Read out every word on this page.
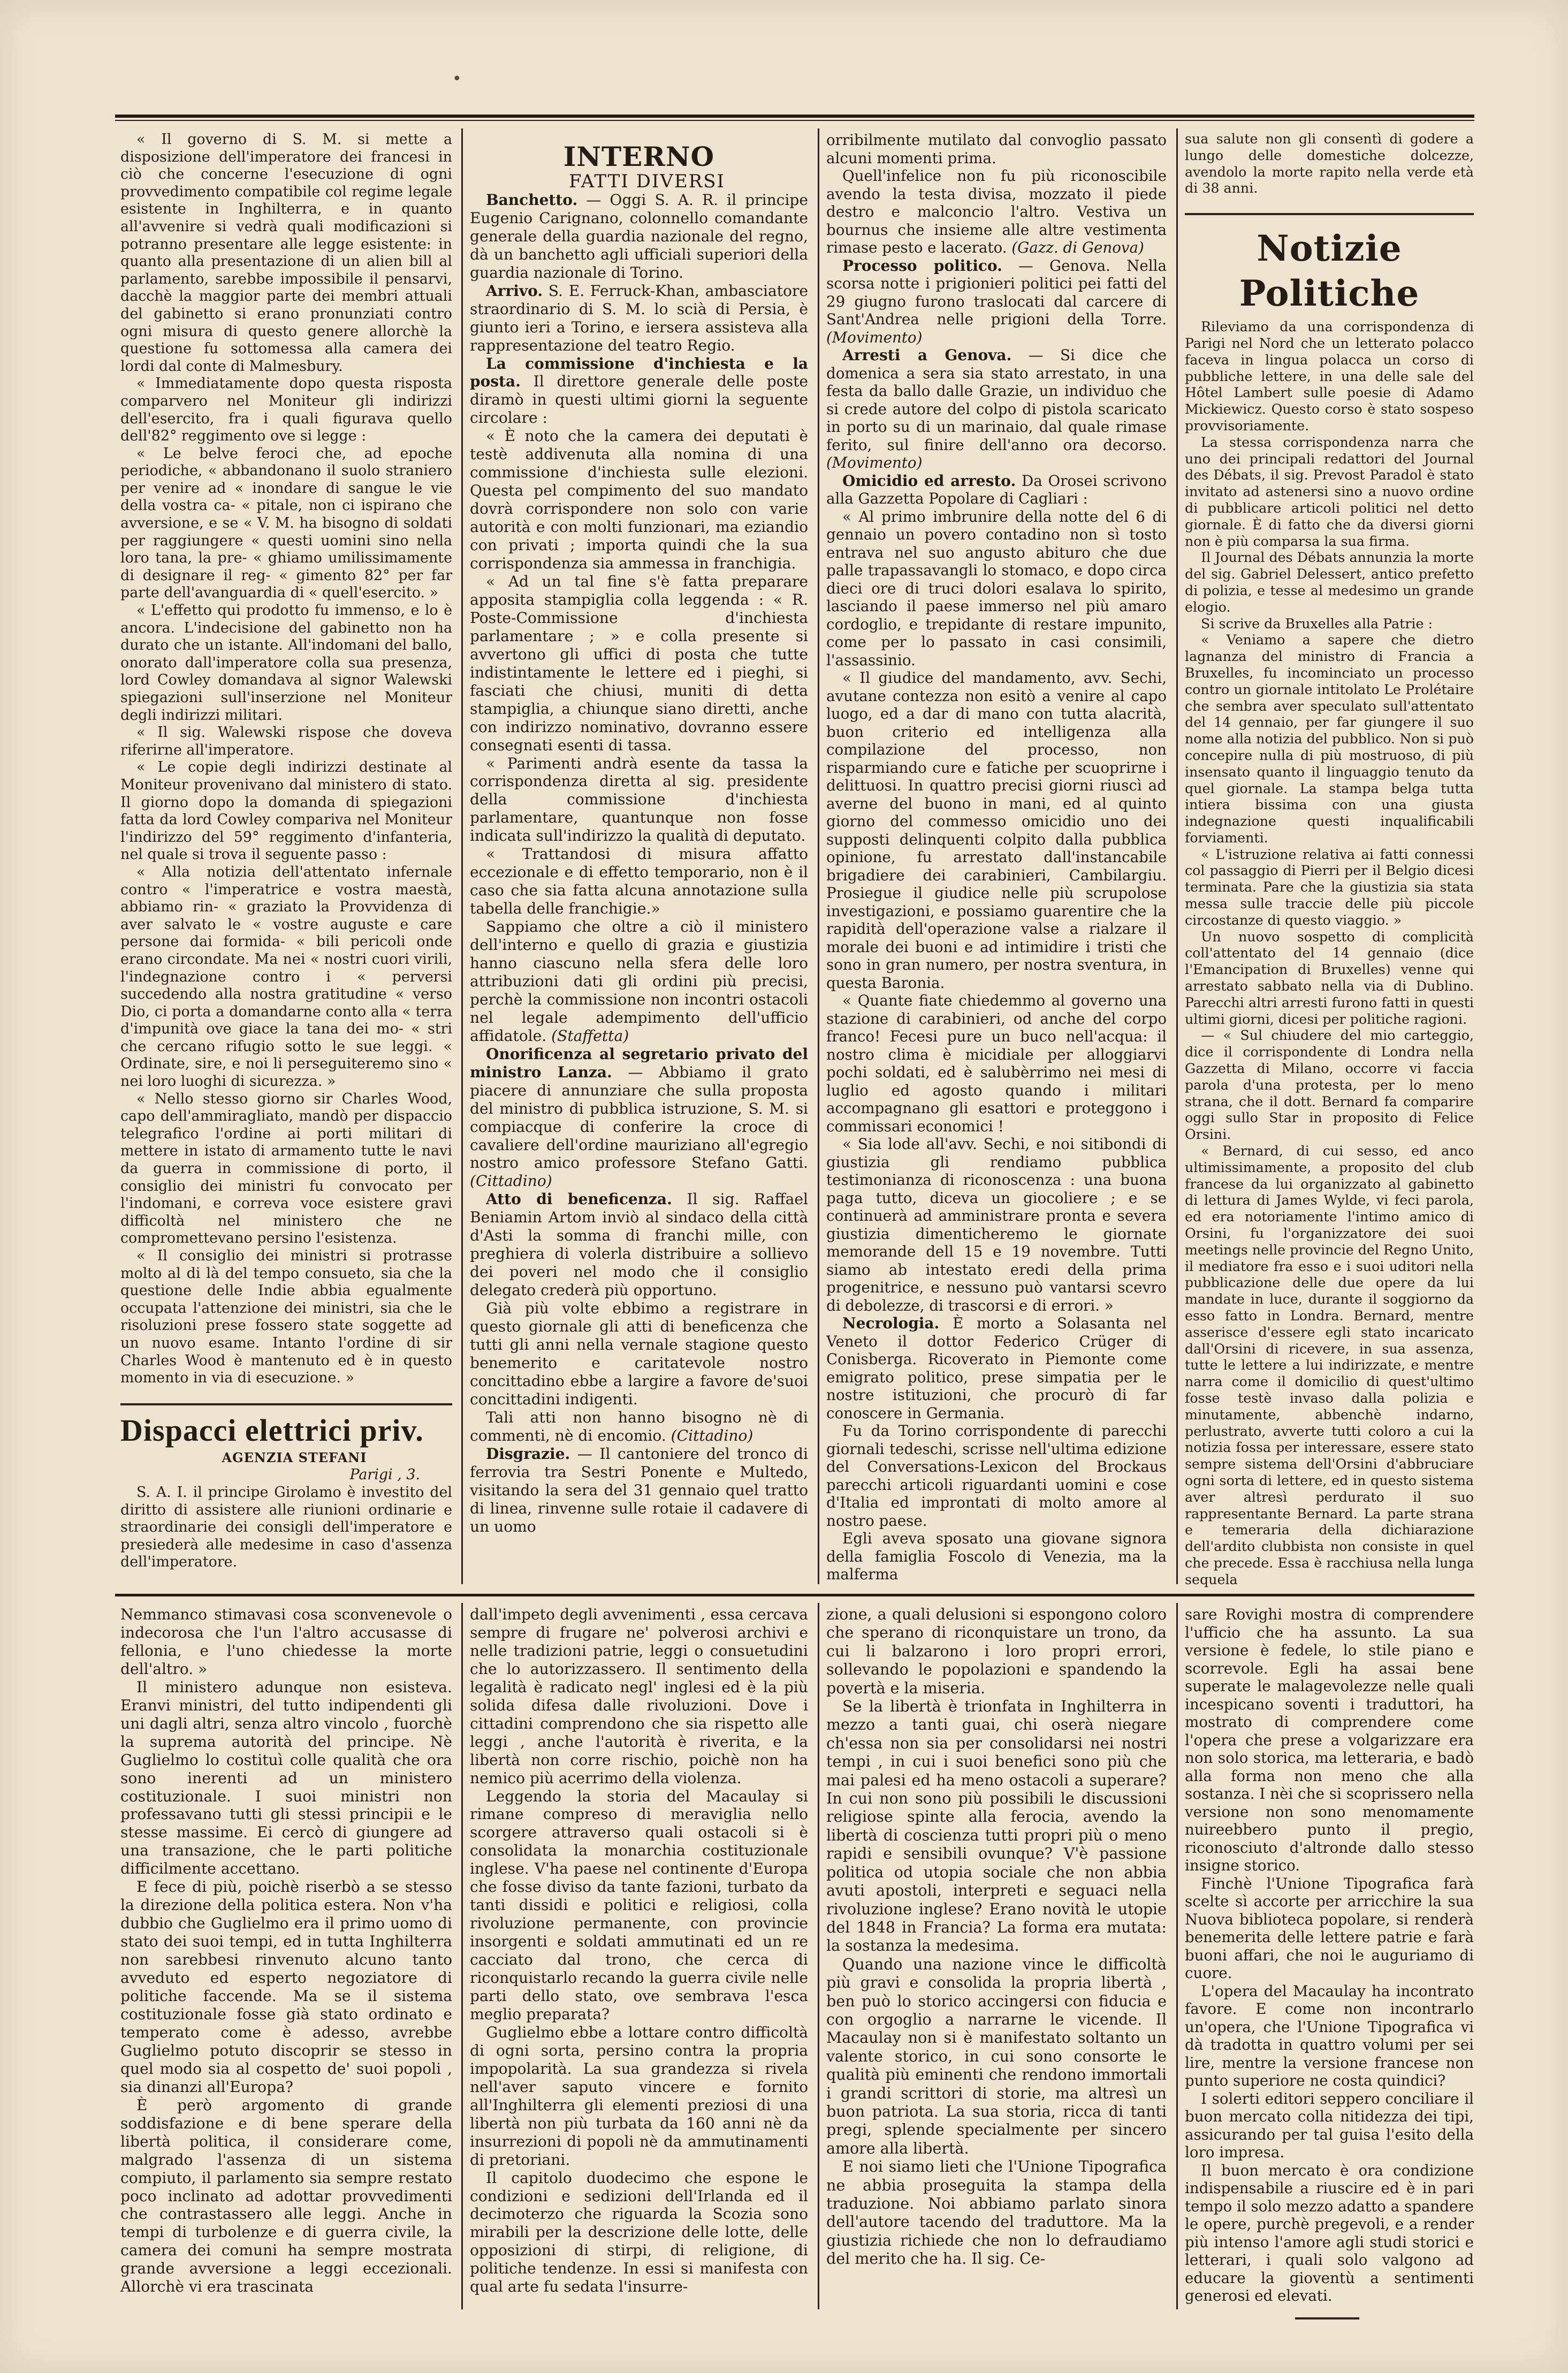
•

« Il governo di S. M. si mette a disposizione dell'imperatore dei francesi in ciò che concerne l'esecuzione di ogni provvedimento compatibile col regime legale esistente in Inghilterra, e in quanto all'avvenire si vedrà quali modificazioni si potranno presentare alle legge esistente: in quanto alla presentazione di un alien bill al parlamento, sarebbe impossibile il pensarvi, dacchè la maggior parte dei membri attuali del gabinetto si erano pronunziati contro ogni misura di questo genere allorchè la questione fu sottomessa alla camera dei lordi dal conte di Malmesbury.

« Immediatamente dopo questa risposta comparvero nel Moniteur gli indirizzi dell'esercito, fra i quali figurava quello dell'82° reggimento ove si legge :

« Le belve feroci che, ad epoche periodiche, « abbandonano il suolo straniero per venire ad « inondare di sangue le vie della vostra ca- « pitale, non ci ispirano che avversione, e se « V. M. ha bisogno di soldati per raggiungere « questi uomini sino nella loro tana, la pre- « ghiamo umilissimamente di designare il reg- « gimento 82° per far parte dell'avanguardia di « quell'esercito. »

« L'effetto qui prodotto fu immenso, e lo è ancora. L'indecisione del gabinetto non ha durato che un istante. All'indomani del ballo, onorato dall'imperatore colla sua presenza, lord Cowley domandava al signor Walewski spiegazioni sull'inserzione nel Moniteur degli indirizzi militari.

« Il sig. Walewski rispose che doveva riferirne all'imperatore.

« Le copie degli indirizzi destinate al Moniteur provenivano dal ministero di stato. Il giorno dopo la domanda di spiegazioni fatta da lord Cowley compariva nel Moniteur l'indirizzo del 59° reggimento d'infanteria, nel quale si trova il seguente passo :

« Alla notizia dell'attentato infernale contro « l'imperatrice e vostra maestà, abbiamo rin- « graziato la Provvidenza di aver salvato le « vostre auguste e care persone dai formida- « bili pericoli onde erano circondate. Ma nei « nostri cuori virili, l'indegnazione contro i « perversi succedendo alla nostra gratitudine « verso Dio, ci porta a domandarne conto alla « terra d'impunità ove giace la tana dei mo- « stri che cercano rifugio sotto le sue leggi. « Ordinate, sire, e noi li perseguiteremo sino « nei loro luoghi di sicurezza. »

« Nello stesso giorno sir Charles Wood, capo dell'ammiragliato, mandò per dispaccio telegrafico l'ordine ai porti militari di mettere in istato di armamento tutte le navi da guerra in commissione di porto, il consiglio dei ministri fu convocato per l'indomani, e correva voce esistere gravi difficoltà nel ministero che ne compromettevano persino l'esistenza.

« Il consiglio dei ministri si protrasse molto al di là del tempo consueto, sia che la questione delle Indie abbia egualmente occupata l'attenzione dei ministri, sia che le risoluzioni prese fossero state soggette ad un nuovo esame. Intanto l'ordine di sir Charles Wood è mantenuto ed è in questo momento in via di esecuzione. »

Dispacci elettrici priv.

AGENZIA STEFANI

Parigi , 3.

S. A. I. il principe Girolamo è investito del diritto di assistere alle riunioni ordinarie e straordinarie dei consigli dell'imperatore e presiederà alle medesime in caso d'assenza dell'imperatore.

INTERNO

FATTI DIVERSI

Banchetto. — Oggi S. A. R. il principe Eugenio Carignano, colonnello comandante generale della guardia nazionale del regno, dà un banchetto agli ufficiali superiori della guardia nazionale di Torino.

Arrivo. S. E. Ferruck-Khan, ambasciatore straordinario di S. M. lo scià di Persia, è giunto ieri a Torino, e iersera assisteva alla rappresentazione del teatro Regio.

La commissione d'inchiesta e la posta. Il direttore generale delle poste diramò in questi ultimi giorni la seguente circolare :

« È noto che la camera dei deputati è testè addivenuta alla nomina di una commissione d'inchiesta sulle elezioni. Questa pel compimento del suo mandato dovrà corrispondere non solo con varie autorità e con molti funzionari, ma eziandio con privati ; importa quindi che la sua corrispondenza sia ammessa in franchigia.

« Ad un tal fine s'è fatta preparare apposita stampiglia colla leggenda : « R. Poste-Commissione d'inchiesta parlamentare ; » e colla presente si avvertono gli uffici di posta che tutte indistintamente le lettere ed i pieghi, si fasciati che chiusi, muniti di detta stampiglia, a chiunque siano diretti, anche con indirizzo nominativo, dovranno essere consegnati esenti di tassa.

« Parimenti andrà esente da tassa la corrispondenza diretta al sig. presidente della commissione d'inchiesta parlamentare, quantunque non fosse indicata sull'indirizzo la qualità di deputato.

« Trattandosi di misura affatto eccezionale e di effetto temporario, non è il caso che sia fatta alcuna annotazione sulla tabella delle franchigie.»

Sappiamo che oltre a ciò il ministero dell'interno e quello di grazia e giustizia hanno ciascuno nella sfera delle loro attribuzioni dati gli ordini più precisi, perchè la commissione non incontri ostacoli nel legale adempimento dell'ufficio affidatole. (Staffetta)

Onorificenza al segretario privato del ministro Lanza. — Abbiamo il grato piacere di annunziare che sulla proposta del ministro di pubblica istruzione, S. M. si compiacque di conferire la croce di cavaliere dell'ordine mauriziano all'egregio nostro amico professore Stefano Gatti. (Cittadino)

Atto di beneficenza. Il sig. Raffael Beniamin Artom inviò al sindaco della città d'Asti la somma di franchi mille, con preghiera di volerla distribuire a sollievo dei poveri nel modo che il consiglio delegato crederà più opportuno.

Già più volte ebbimo a registrare in questo giornale gli atti di beneficenza che tutti gli anni nella vernale stagione questo benemerito e caritatevole nostro concittadino ebbe a largire a favore de'suoi concittadini indigenti.

Tali atti non hanno bisogno nè di commenti, nè di encomio. (Cittadino)

Disgrazie. — Il cantoniere del tronco di ferrovia tra Sestri Ponente e Multedo, visitando la sera del 31 gennaio quel tratto di linea, rinvenne sulle rotaie il cadavere di un uomo

orribilmente mutilato dal convoglio passato alcuni momenti prima.

Quell'infelice non fu più riconoscibile avendo la testa divisa, mozzato il piede destro e malconcio l'altro. Vestiva un bournus che insieme alle altre vestimenta rimase pesto e lacerato. (Gazz. di Genova)

Processo politico. — Genova. Nella scorsa notte i prigionieri politici pei fatti del 29 giugno furono traslocati dal carcere di Sant'Andrea nelle prigioni della Torre. (Movimento)

Arresti a Genova. — Si dice che domenica a sera sia stato arrestato, in una festa da ballo dalle Grazie, un individuo che si crede autore del colpo di pistola scaricato in porto su di un marinaio, dal quale rimase ferito, sul finire dell'anno ora decorso. (Movimento)

Omicidio ed arresto. Da Orosei scrivono alla Gazzetta Popolare di Cagliari :

« Al primo imbrunire della notte del 6 di gennaio un povero contadino non sì tosto entrava nel suo angusto abituro che due palle trapassavangli lo stomaco, e dopo circa dieci ore di truci dolori esalava lo spirito, lasciando il paese immerso nel più amaro cordoglio, e trepidante di restare impunito, come per lo passato in casi consimili, l'assassinio.

« Il giudice del mandamento, avv. Sechi, avutane contezza non esitò a venire al capo luogo, ed a dar di mano con tutta alacrità, buon criterio ed intelligenza alla compilazione del processo, non risparmiando cure e fatiche per scuoprirne i delittuosi. In quattro precisi giorni riuscì ad averne del buono in mani, ed al quinto giorno del commesso omicidio uno dei supposti delinquenti colpito dalla pubblica opinione, fu arrestato dall'instancabile brigadiere dei carabinieri, Cambilargiu. Prosiegue il giudice nelle più scrupolose investigazioni, e possiamo guarentire che la rapidità dell'operazione valse a rialzare il morale dei buoni e ad intimidire i tristi che sono in gran numero, per nostra sventura, in questa Baronia.

« Quante fiate chiedemmo al governo una stazione di carabinieri, od anche del corpo franco! Fecesi pure un buco nell'acqua: il nostro clima è micidiale per alloggiarvi pochi soldati, ed è salubèrrimo nei mesi di luglio ed agosto quando i militari accompagnano gli esattori e proteggono i commissari economici !

« Sia lode all'avv. Sechi, e noi sitibondi di giustizia gli rendiamo pubblica testimonianza di riconoscenza : una buona paga tutto, diceva un giocoliere ; e se continuerà ad amministrare pronta e severa giustizia dimenticheremo le giornate memorande dell 15 e 19 novembre. Tutti siamo ab intestato eredi della prima progenitrice, e nessuno può vantarsi scevro di debolezze, di trascorsi e di errori. »

Necrologia. È morto a Solasanta nel Veneto il dottor Federico Crüger di Conisberga. Ricoverato in Piemonte come emigrato politico, prese simpatia per le nostre istituzioni, che procurò di far conoscere in Germania.

Fu da Torino corrispondente di parecchi giornali tedeschi, scrisse nell'ultima edizione del Conversations-Lexicon del Brockaus parecchi articoli riguardanti uomini e cose d'Italia ed improntati di molto amore al nostro paese.

Egli aveva sposato una giovane signora della famiglia Foscolo di Venezia, ma la malferma

sua salute non gli consentì di godere a lungo delle domestiche dolcezze, avendolo la morte rapito nella verde età di 38 anni.

Notizie Politiche

Rileviamo da una corrispondenza di Parigi nel Nord che un letterato polacco faceva in lingua polacca un corso di pubbliche lettere, in una delle sale del Hôtel Lambert sulle poesie di Adamo Mickiewicz. Questo corso è stato sospeso provvisoriamente.

La stessa corrispondenza narra che uno dei principali redattori del Journal des Débats, il sig. Prevost Paradol è stato invitato ad astenersi sino a nuovo ordine di pubblicare articoli politici nel detto giornale. È di fatto che da diversi giorni non è più comparsa la sua firma.

Il Journal des Débats annunzia la morte del sig. Gabriel Delessert, antico prefetto di polizia, e tesse al medesimo un grande elogio.

Si scrive da Bruxelles alla Patrie :

« Veniamo a sapere che dietro lagnanza del ministro di Francia a Bruxelles, fu incominciato un processo contro un giornale intitolato Le Prolétaire che sembra aver speculato sull'attentato del 14 gennaio, per far giungere il suo nome alla notizia del pubblico. Non si può concepire nulla di più mostruoso, di più insensato quanto il linguaggio tenuto da quel giornale. La stampa belga tutta intiera bissima con una giusta indegnazione questi inqualificabili forviamenti.

« L'istruzione relativa ai fatti connessi col passaggio di Pierri per il Belgio dicesi terminata. Pare che la giustizia sia stata messa sulle traccie delle più piccole circostanze di questo viaggio. »

Un nuovo sospetto di complicità coll'attentato del 14 gennaio (dice l'Emancipation di Bruxelles) venne qui arrestato sabbato nella via di Dublino. Parecchi altri arresti furono fatti in questi ultimi giorni, dicesi per politiche ragioni.

— « Sul chiudere del mio carteggio, dice il corrispondente di Londra nella Gazzetta di Milano, occorre vi faccia parola d'una protesta, per lo meno strana, che il dott. Bernard fa comparire oggi sullo Star in proposito di Felice Orsini.

« Bernard, di cui sesso, ed anco ultimissimamente, a proposito del club francese da lui organizzato al gabinetto di lettura di James Wylde, vi feci parola, ed era notoriamente l'intimo amico di Orsini, fu l'organizzatore dei suoi meetings nelle provincie del Regno Unito, il mediatore fra esso e i suoi uditori nella pubblicazione delle due opere da lui mandate in luce, durante il soggiorno da esso fatto in Londra. Bernard, mentre asserisce d'essere egli stato incaricato dall'Orsini di ricevere, in sua assenza, tutte le lettere a lui indirizzate, e mentre narra come il domicilio di quest'ultimo fosse testè invaso dalla polizia e minutamente, abbenchè indarno, perlustrato, avverte tutti coloro a cui la notizia fossa per interessare, essere stato sempre sistema dell'Orsini d'abbruciare ogni sorta di lettere, ed in questo sistema aver altresì perdurato il suo rappresentante Bernard. La parte strana e temeraria della dichiarazione dell'ardito clubbista non consiste in quel che precede. Essa è racchiusa nella lunga sequela

Nemmanco stimavasi cosa sconvenevole o indecorosa che l'un l'altro accusasse di fellonia, e l'uno chiedesse la morte dell'altro. »

Il ministero adunque non esisteva. Eranvi ministri, del tutto indipendenti gli uni dagli altri, senza altro vincolo , fuorchè la suprema autorità del principe. Nè Guglielmo lo costituì colle qualità che ora sono inerenti ad un ministero costituzionale. I suoi ministri non professavano tutti gli stessi principii e le stesse massime. Ei cercò di giungere ad una transazione, che le parti politiche difficilmente accettano.

E fece di più, poichè riserbò a se stesso la direzione della politica estera. Non v'ha dubbio che Guglielmo era il primo uomo di stato dei suoi tempi, ed in tutta Inghilterra non sarebbesi rinvenuto alcuno tanto avveduto ed esperto negoziatore di politiche faccende. Ma se il sistema costituzionale fosse già stato ordinato e temperato come è adesso, avrebbe Guglielmo potuto discoprir se stesso in quel modo sia al cospetto de' suoi popoli , sia dinanzi all'Europa?

È però argomento di grande soddisfazione e di bene sperare della libertà politica, il considerare come, malgrado l'assenza di un sistema compiuto, il parlamento sia sempre restato poco inclinato ad adottar provvedimenti che contrastassero alle leggi. Anche in tempi di turbolenze e di guerra civile, la camera dei comuni ha sempre mostrata grande avversione a leggi eccezionali. Allorchè vi era trascinata

dall'impeto degli avvenimenti , essa cercava sempre di frugare ne' polverosi archivi e nelle tradizioni patrie, leggi o consuetudini che lo autorizzassero. Il sentimento della legalità è radicato negl' inglesi ed è la più solida difesa dalle rivoluzioni. Dove i cittadini comprendono che sia rispetto alle leggi , anche l'autorità è riverita, e la libertà non corre rischio, poichè non ha nemico più acerrimo della violenza.

Leggendo la storia del Macaulay si rimane compreso di meraviglia nello scorgere attraverso quali ostacoli si è consolidata la monarchia costituzionale inglese. V'ha paese nel continente d'Europa che fosse diviso da tante fazioni, turbato da tanti dissidi e politici e religiosi, colla rivoluzione permanente, con provincie insorgenti e soldati ammutinati ed un re cacciato dal trono, che cerca di riconquistarlo recando la guerra civile nelle parti dello stato, ove sembrava l'esca meglio preparata?

Guglielmo ebbe a lottare contro difficoltà di ogni sorta, persino contra la propria impopolarità. La sua grandezza si rivela nell'aver saputo vincere e fornito all'Inghilterra gli elementi preziosi di una libertà non più turbata da 160 anni nè da insurrezioni di popoli nè da ammutinamenti di pretoriani.

Il capitolo duodecimo che espone le condizioni e sedizioni dell'Irlanda ed il decimoterzo che riguarda la Scozia sono mirabili per la descrizione delle lotte, delle opposizioni di stirpi, di religione, di politiche tendenze. In essi si manifesta con qual arte fu sedata l'insurre-

zione, a quali delusioni si espongono coloro che sperano di riconquistare un trono, da cui li balzarono i loro propri errori, sollevando le popolazioni e spandendo la povertà e la miseria.

Se la libertà è trionfata in Inghilterra in mezzo a tanti guai, chi oserà niegare ch'essa non sia per consolidarsi nei nostri tempi , in cui i suoi benefici sono più che mai palesi ed ha meno ostacoli a superare? In cui non sono più possibili le discussioni religiose spinte alla ferocia, avendo la libertà di coscienza tutti propri più o meno rapidi e sensibili ovunque? V'è passione politica od utopia sociale che non abbia avuti apostoli, interpreti e seguaci nella rivoluzione inglese? Erano novità le utopie del 1848 in Francia? La forma era mutata: la sostanza la medesima.

Quando una nazione vince le difficoltà più gravi e consolida la propria libertà , ben può lo storico accingersi con fiducia e con orgoglio a narrarne le vicende. Il Macaulay non si è manifestato soltanto un valente storico, in cui sono consorte le qualità più eminenti che rendono immortali i grandi scrittori di storie, ma altresì un buon patriota. La sua storia, ricca di tanti pregi, splende specialmente per sincero amore alla libertà.

E noi siamo lieti che l'Unione Tipografica ne abbia proseguita la stampa della traduzione. Noi abbiamo parlato sinora dell'autore tacendo del traduttore. Ma la giustizia richiede che non lo defraudiamo del merito che ha. Il sig. Ce-

sare Rovighi mostra di comprendere l'ufficio che ha assunto. La sua versione è fedele, lo stile piano e scorrevole. Egli ha assai bene superate le malagevolezze nelle quali incespicano soventi i traduttori, ha mostrato di comprendere come l'opera che prese a volgarizzare era non solo storica, ma letteraria, e badò alla forma non meno che alla sostanza. I nèi che si scoprissero nella versione non sono menomamente nuireebbero punto il pregio, riconosciuto d'altronde dallo stesso insigne storico.

Finchè l'Unione Tipografica farà scelte sì accorte per arricchire la sua Nuova biblioteca popolare, si renderà benemerita delle lettere patrie e farà buoni affari, che noi le auguriamo di cuore.

L'opera del Macaulay ha incontrato favore. E come non incontrarlo un'opera, che l'Unione Tipografica vi dà tradotta in quattro volumi per sei lire, mentre la versione francese non punto superiore ne costa quindici?

I solerti editori seppero conciliare il buon mercato colla nitidezza dei tipi, assicurando per tal guisa l'esito della loro impresa.

Il buon mercato è ora condizione indispensabile a riuscire ed è in pari tempo il solo mezzo adatto a spandere le opere, purchè pregevoli, e a render più intenso l'amore agli studi storici e letterari, i quali solo valgono ad educare la gioventù a sentimenti generosi ed elevati.
